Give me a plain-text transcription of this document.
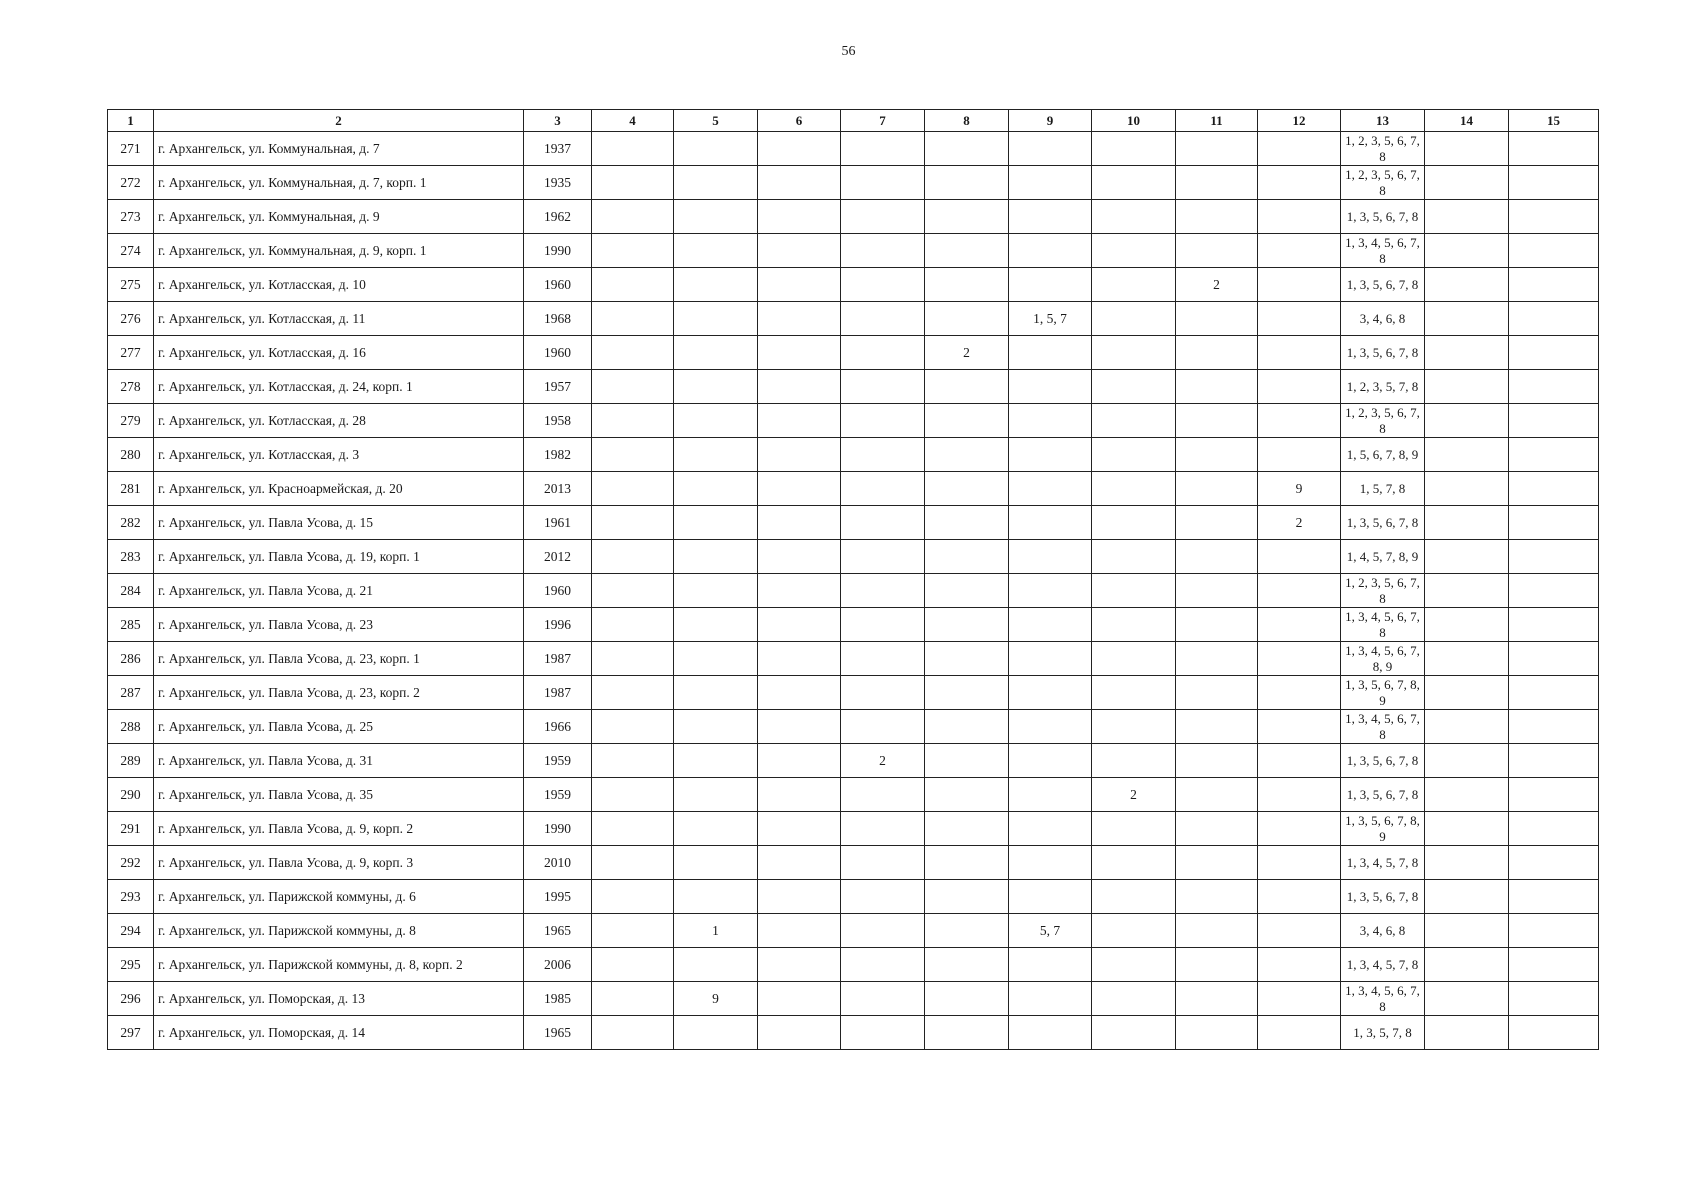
56
1	2	3	4	5	6	7	8	9	10	11	12	13	14	15
271	г. Архангельск, ул. Коммунальная, д. 7	1937										1, 2, 3, 5, 6, 7, 8		
272	г. Архангельск, ул. Коммунальная, д. 7, корп. 1	1935										1, 2, 3, 5, 6, 7, 8		
273	г. Архангельск, ул. Коммунальная, д. 9	1962										1, 3, 5, 6, 7, 8		
274	г. Архангельск, ул. Коммунальная, д. 9, корп. 1	1990										1, 3, 4, 5, 6, 7, 8		
275	г. Архангельск, ул. Котласская, д. 10	1960								2		1, 3, 5, 6, 7, 8		
276	г. Архангельск, ул. Котласская, д. 11	1968						1, 5, 7				3, 4, 6, 8		
277	г. Архангельск, ул. Котласская, д. 16	1960					2					1, 3, 5, 6, 7, 8		
278	г. Архангельск, ул. Котласская, д. 24, корп. 1	1957										1, 2, 3, 5, 7, 8		
279	г. Архангельск, ул. Котласская, д. 28	1958										1, 2, 3, 5, 6, 7, 8		
280	г. Архангельск, ул. Котласская, д. 3	1982										1, 5, 6, 7, 8, 9		
281	г. Архангельск, ул. Красноармейская, д. 20	2013									9	1, 5, 7, 8		
282	г. Архангельск, ул. Павла Усова, д. 15	1961									2	1, 3, 5, 6, 7, 8		
283	г. Архангельск, ул. Павла Усова, д. 19, корп. 1	2012										1, 4, 5, 7, 8, 9		
284	г. Архангельск, ул. Павла Усова, д. 21	1960										1, 2, 3, 5, 6, 7, 8		
285	г. Архангельск, ул. Павла Усова, д. 23	1996										1, 3, 4, 5, 6, 7, 8		
286	г. Архангельск, ул. Павла Усова, д. 23, корп. 1	1987										1, 3, 4, 5, 6, 7, 8, 9		
287	г. Архангельск, ул. Павла Усова, д. 23, корп. 2	1987										1, 3, 5, 6, 7, 8, 9		
288	г. Архангельск, ул. Павла Усова, д. 25	1966										1, 3, 4, 5, 6, 7, 8		
289	г. Архангельск, ул. Павла Усова, д. 31	1959				2						1, 3, 5, 6, 7, 8		
290	г. Архангельск, ул. Павла Усова, д. 35	1959							2			1, 3, 5, 6, 7, 8		
291	г. Архангельск, ул. Павла Усова, д. 9, корп. 2	1990										1, 3, 5, 6, 7, 8, 9		
292	г. Архангельск, ул. Павла Усова, д. 9, корп. 3	2010										1, 3, 4, 5, 7, 8		
293	г. Архангельск, ул. Парижской коммуны, д. 6	1995										1, 3, 5, 6, 7, 8		
294	г. Архангельск, ул. Парижской коммуны, д. 8	1965		1				5, 7				3, 4, 6, 8		
295	г. Архангельск, ул. Парижской коммуны, д. 8, корп. 2	2006										1, 3, 4, 5, 7, 8		
296	г. Архангельск, ул. Поморская, д. 13	1985		9								1, 3, 4, 5, 6, 7, 8		
297	г. Архангельск, ул. Поморская, д. 14	1965										1, 3, 5, 7, 8		
